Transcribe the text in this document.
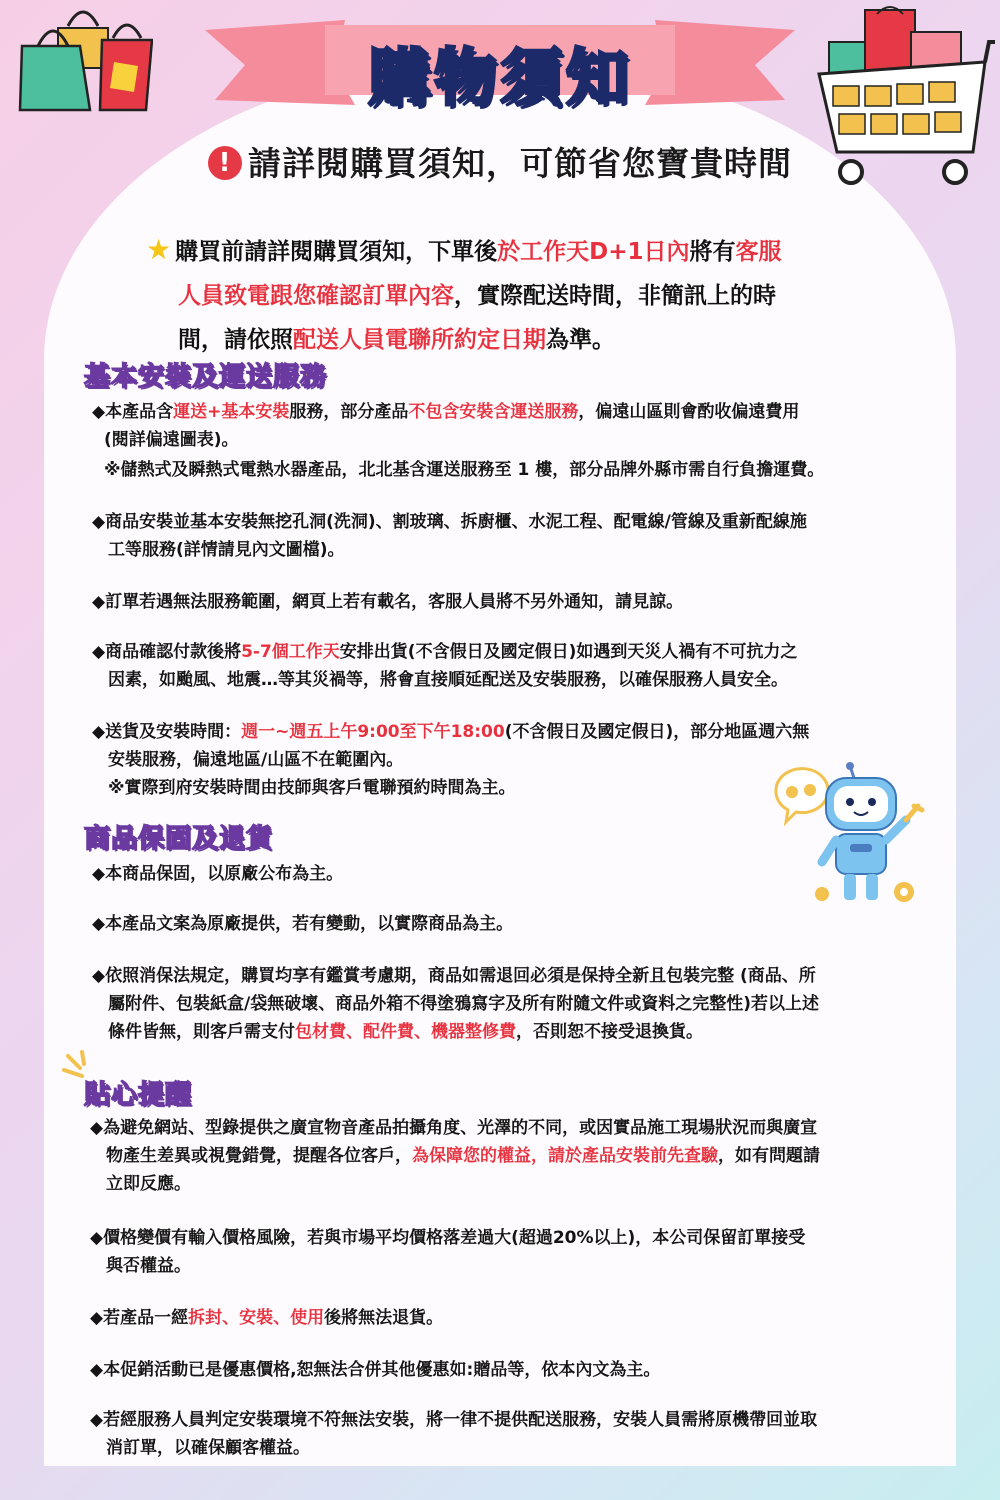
購物須知
! 請詳閱購買須知，可節省您寶貴時間
★ 購買前請詳閱購買須知，下單後於工作天D+1日內將有客服
人員致電跟您確認訂單內容，實際配送時間，非簡訊上的時
間，請依照配送人員電聯所約定日期為準。
基本安裝及運送服務
◆本產品含運送+基本安裝服務，部分產品不包含安裝含運送服務，偏遠山區則會酌收偏遠費用
(閱詳偏遠圖表)。
※儲熱式及瞬熱式電熱水器產品，北北基含運送服務至 1 樓，部分品牌外縣市需自行負擔運費。
◆商品安裝並基本安裝無挖孔洞(洗洞)、割玻璃、拆廚櫃、水泥工程、配電線/管線及重新配線施
工等服務(詳情請見內文圖檔)。
◆訂單若遇無法服務範圍，網頁上若有載名，客服人員將不另外通知，請見諒。
◆商品確認付款後將5-7個工作天安排出貨(不含假日及國定假日)如遇到天災人禍有不可抗力之
因素，如颱風、地震…等其災禍等，將會直接順延配送及安裝服務，以確保服務人員安全。
◆送貨及安裝時間：週一~週五上午9:00至下午18:00(不含假日及國定假日)，部分地區週六無
安裝服務，偏遠地區/山區不在範圍內。
※實際到府安裝時間由技師與客戶電聯預約時間為主。
商品保固及退貨
◆本商品保固，以原廠公布為主。
◆本產品文案為原廠提供，若有變動，以實際商品為主。
◆依照消保法規定，購買均享有鑑賞考慮期，商品如需退回必須是保持全新且包裝完整 (商品、所
屬附件、包裝紙盒/袋無破壞、商品外箱不得塗鴉寫字及所有附隨文件或資料之完整性)若以上述
條件皆無，則客戶需支付包材費、配件費、機器整修費，否則恕不接受退換貨。
貼心提醒
◆為避免網站、型錄提供之廣宣物音產品拍攝角度、光澤的不同，或因實品施工現場狀況而與廣宣
物產生差異或視覺錯覺，提醒各位客戶，為保障您的權益，請於產品安裝前先查驗，如有問題請
立即反應。
◆價格變價有輸入價格風險，若與市場平均價格落差過大(超過20%以上)，本公司保留訂單接受
與否權益。
◆若產品一經拆封、安裝、使用後將無法退貨。
◆本促銷活動已是優惠價格,恕無法合併其他優惠如:贈品等，依本內文為主。
◆若經服務人員判定安裝環境不符無法安裝，將一律不提供配送服務，安裝人員需將原機帶回並取
消訂單，以確保顧客權益。
